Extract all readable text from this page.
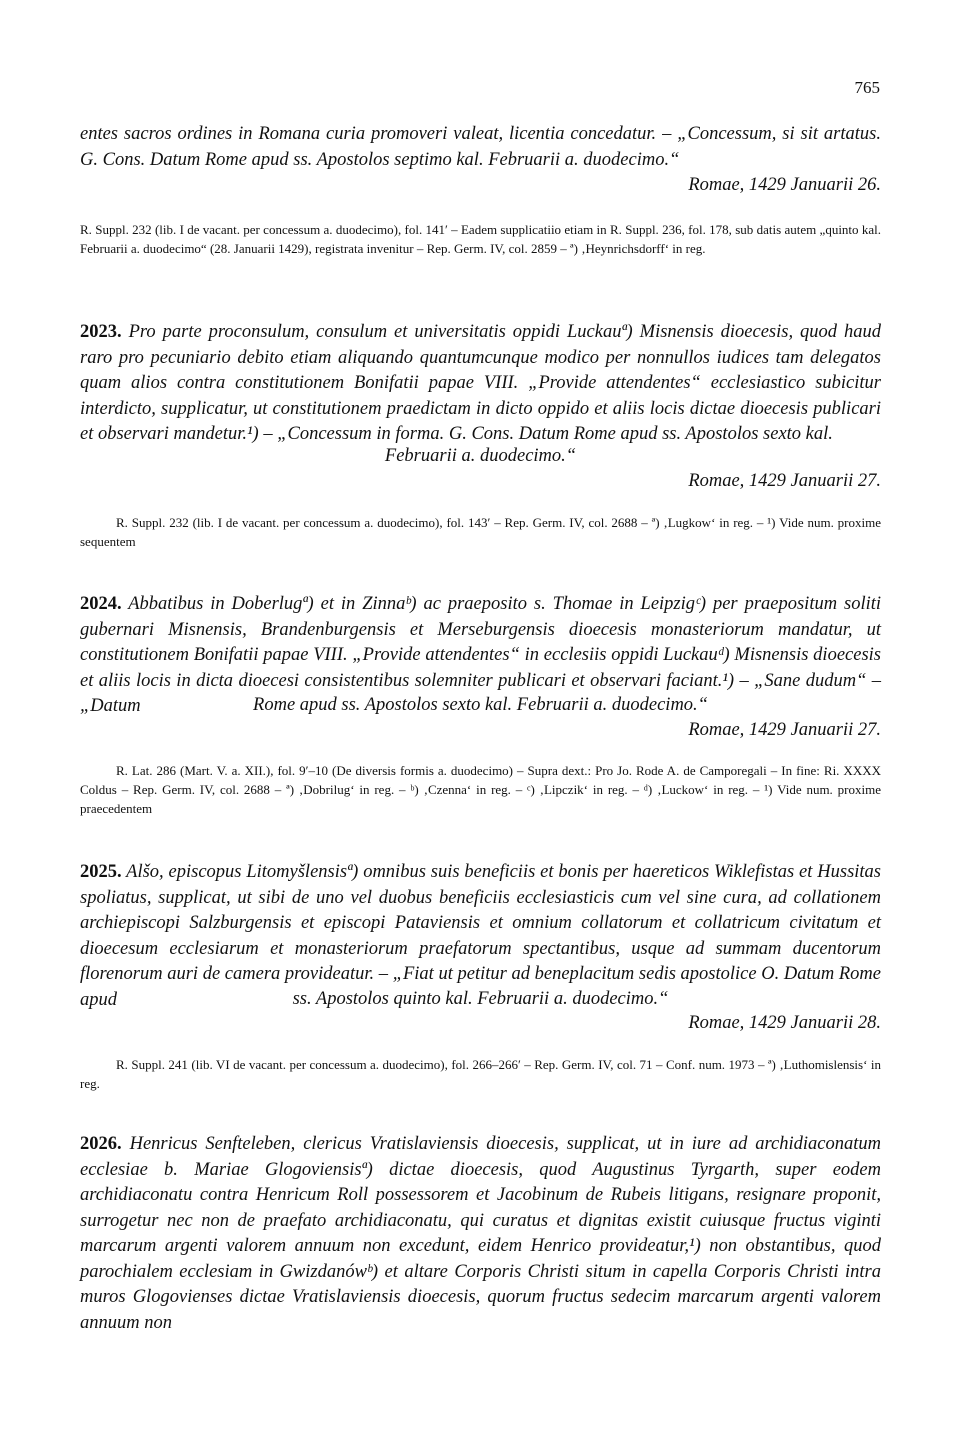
765
entes sacros ordines in Romana curia promoveri valeat, licentia concedatur. – „Concessum, si sit artatus. G. Cons. Datum Rome apud ss. Apostolos septimo kal. Februarii a. duodecimo.“
Romae, 1429 Januarii 26.
R. Suppl. 232 (lib. I de vacant. per concessum a. duodecimo), fol. 141′ – Eadem supplicatiio etiam in R. Suppl. 236, fol. 178, sub datis autem „quinto kal. Februarii a. duodecimo“ (28. Januarii 1429), registrata invenitur – Rep. Germ. IV, col. 2859 – ª) ‚Heynrichsdorff‘ in reg.
2023. Pro parte proconsulum, consulum et universitatis oppidi Luckauª) Misnensis dioecesis, quod haud raro pro pecuniario debito etiam aliquando quantumcunque modico per nonnullos iudices tam delegatos quam alios contra constitutionem Bonifatii papae VIII. „Provide attendentes“ ecclesiastico subicitur interdicto, supplicatur, ut constitutionem praedictam in dicto oppido et aliis locis dictae dioecesis publicari et observari mandetur.¹) – „Concessum in forma. G. Cons. Datum Rome apud ss. Apostolos sexto kal.
Februarii a. duodecimo.“
Romae, 1429 Januarii 27.
R. Suppl. 232 (lib. I de vacant. per concessum a. duodecimo), fol. 143′ – Rep. Germ. IV, col. 2688 – ª) ‚Lugkow‘ in reg. – ¹) Vide num. proxime sequentem
2024. Abbatibus in Doberlugª) et in Zinnaᵇ) ac praeposito s. Thomae in Leipzigᶜ) per praepositum soliti gubernari Misnensis, Brandenburgensis et Merseburgensis dioecesis monasteriorum mandatur, ut constitutionem Bonifatii papae VIII. „Provide attendentes“ in ecclesiis oppidi Luckauᵈ) Misnensis dioecesis et aliis locis in dicta dioecesi consistentibus solemniter publicari et observari faciant.¹) – „Sane dudum“ – „Datum	Rome apud ss. Apostolos sexto kal. Februarii a. duodecimo.“
Romae, 1429 Januarii 27.
R. Lat. 286 (Mart. V. a. XII.), fol. 9′–10 (De diversis formis a. duodecimo) – Supra dext.: Pro Jo. Rode A. de Camporegali – In fine: Ri. XXXX Coldus – Rep. Germ. IV, col. 2688 – ª) ‚Dobrilug‘ in reg. – ᵇ) ‚Czenna‘ in reg. – ᶜ) ‚Lipczik‘ in reg. – ᵈ) ‚Luckow‘ in reg. – ¹) Vide num. proxime praecedentem
2025. Alšo, episcopus Litomyšlensisª) omnibus suis beneficiis et bonis per haereticos Wiklefistas et Hussitas spoliatus, supplicat, ut sibi de uno vel duobus beneficiis ecclesiasticis cum vel sine cura, ad collationem archiepiscopi Salzburgensis et episcopi Pataviensis et omnium collatorum et collatricum civitatum et dioecesum ecclesiarum et monasteriorum praefatorum spectantibus, usque ad summam ducentorum florenorum auri de camera provideatur. – „Fiat ut petitur ad beneplacitum sedis apostolice O. Datum Rome apud	ss. Apostolos quinto kal. Februarii a. duodecimo.“
Romae, 1429 Januarii 28.
R. Suppl. 241 (lib. VI de vacant. per concessum a. duodecimo), fol. 266–266′ – Rep. Germ. IV, col. 71 – Conf. num. 1973 – ª) ‚Luthomislensis‘ in reg.
2026. Henricus Senfteleben, clericus Vratislaviensis dioecesis, supplicat, ut in iure ad archidiaconatum ecclesiae b. Mariae Glogoviensisª) dictae dioecesis, quod Augustinus Tyrgarth, super eodem archidiaconatu contra Henricum Roll possessorem et Jacobinum de Rubeis litigans, resignare proponit, surrogetur nec non de praefato archidiaconatu, qui curatus et dignitas existit cuiusque fructus viginti marcarum argenti valorem annuum non excedunt, eidem Henrico provideatur,¹) non obstantibus, quod parochialem ecclesiam in Gwizdanówᵇ) et altare Corporis Christi situm in capella Corporis Christi intra muros Glogovienses dictae Vratislaviensis dioecesis, quorum fructus sedecim marcarum argenti valorem annuum non
